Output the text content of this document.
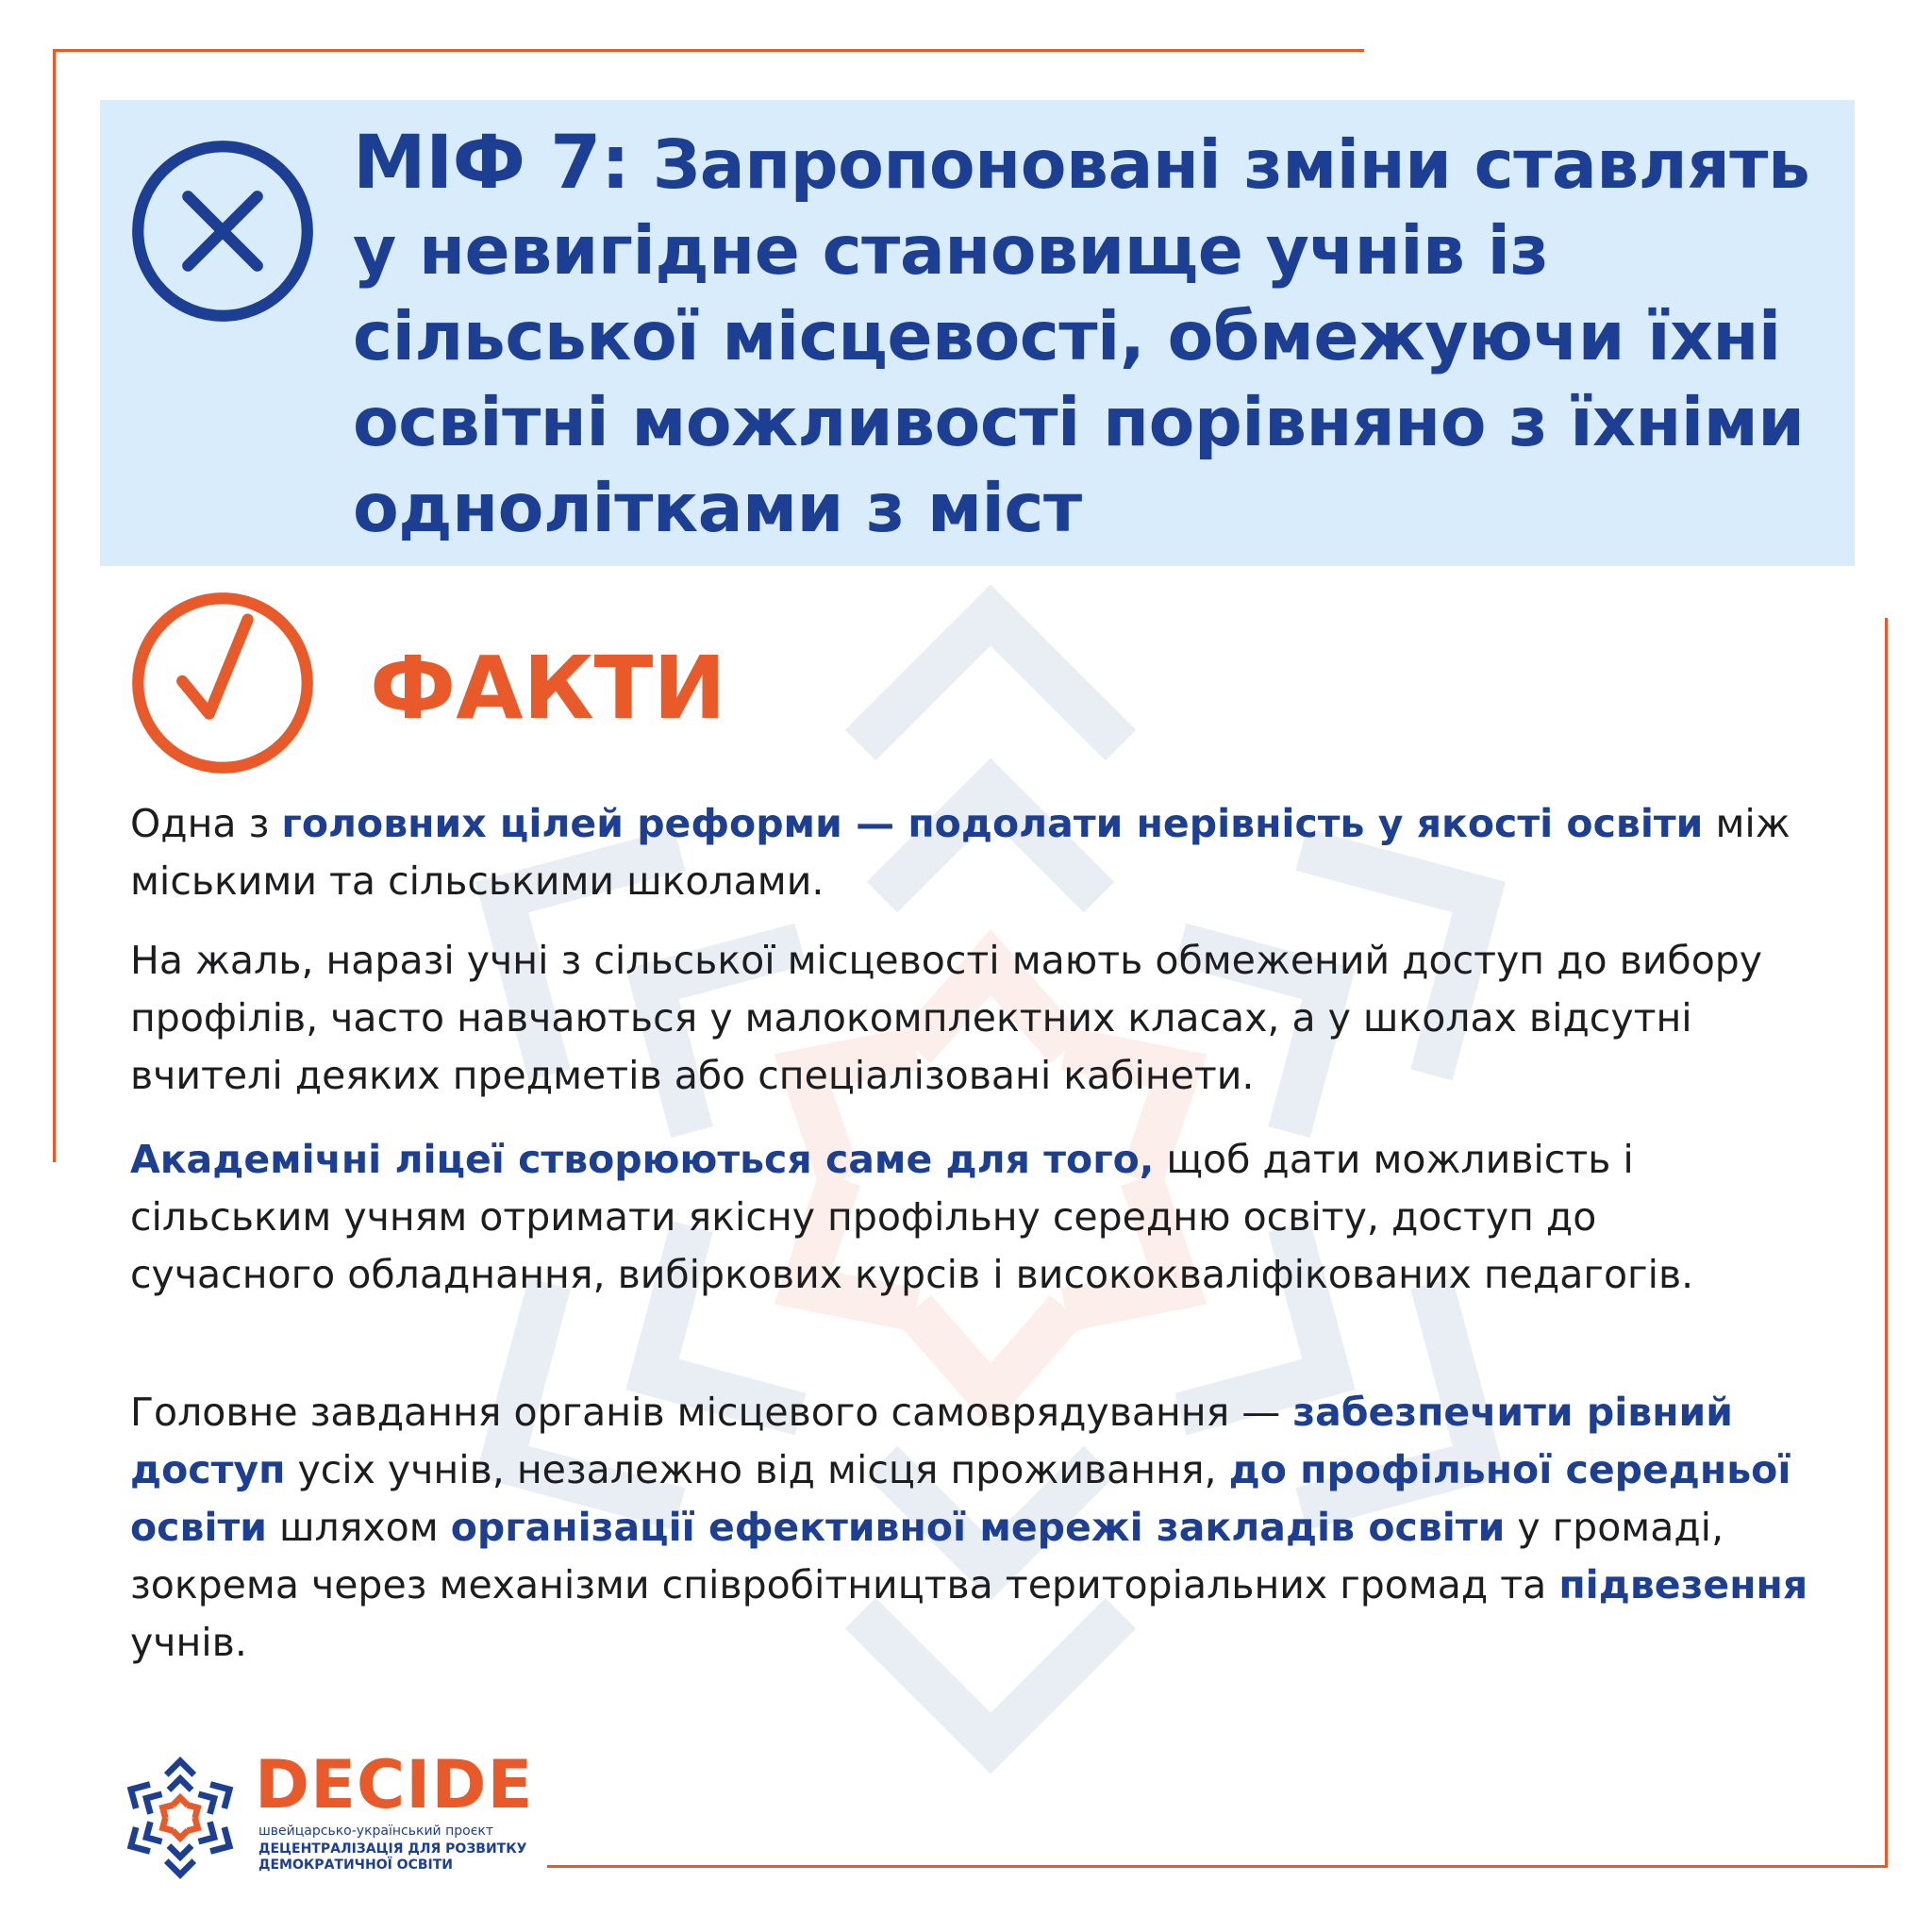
МІФ 7: Запропоновані зміни ставлять у невигідне становище учнів із сільської місцевості, обмежуючи їхні освітні можливості порівняно з їхніми однолітками з міст

ФАКТИ

Одна з головних цілей реформи — подолати нерівність у якості освіти між міськими та сільськими школами.

На жаль, наразі учні з сільської місцевості мають обмежений доступ до вибору профілів, часто навчаються у малокомплектних класах, а у школах відсутні вчителі деяких предметів або спеціалізовані кабінети.

Академічні ліцеї створюються саме для того, щоб дати можливість і сільським учням отримати якісну профільну середню освіту, доступ до сучасного обладнання, вибіркових курсів і висококваліфікованих педагогів.

Головне завдання органів місцевого самоврядування — забезпечити рівний доступ усіх учнів, незалежно від місця проживання, до профільної середньої освіти шляхом організації ефективної мережі закладів освіти у громаді, зокрема через механізми співробітництва територіальних громад та підвезення учнів.

DECIDE

швейцарсько-український проєкт

ДЕЦЕНТРАЛІЗАЦІЯ ДЛЯ РОЗВИТКУ
ДЕМОКРАТИЧНОЇ ОСВІТИ
